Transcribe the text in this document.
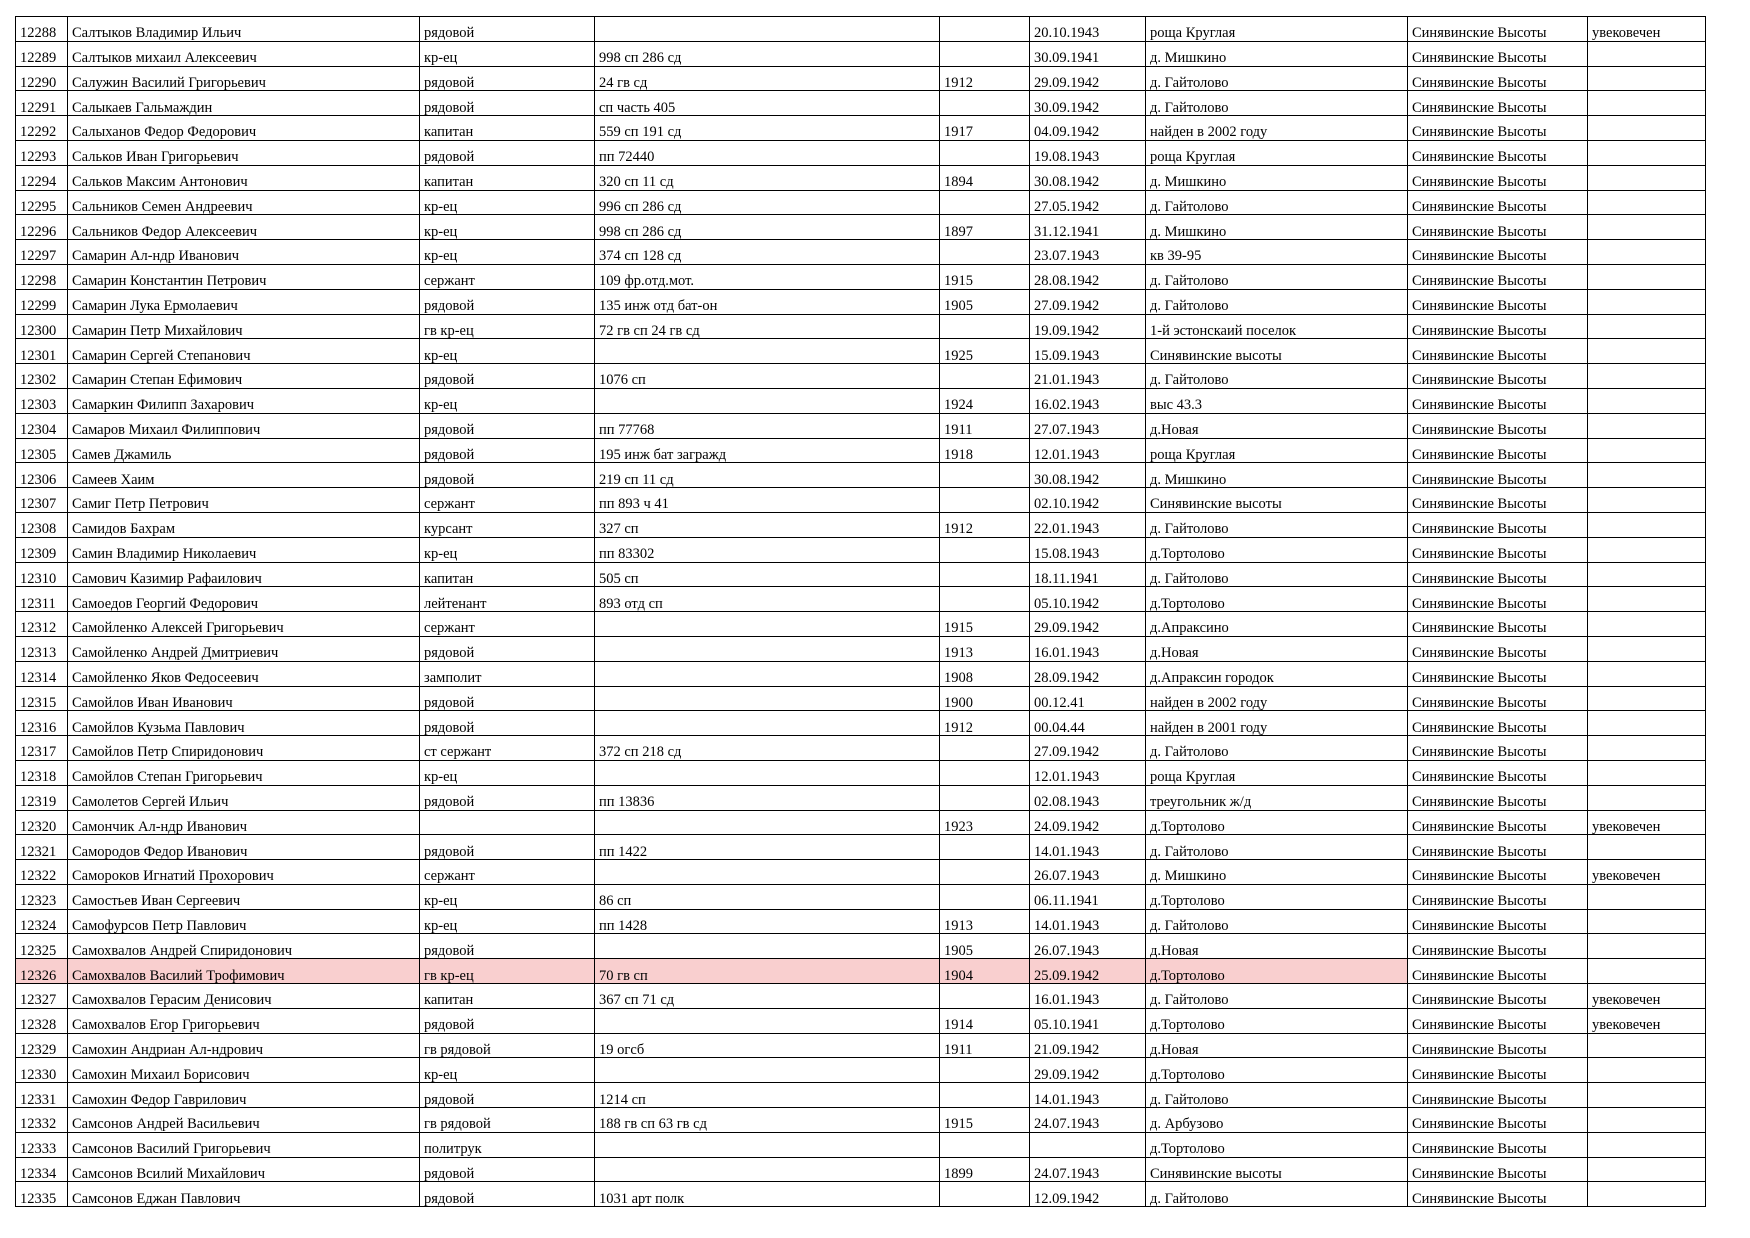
12288	Салтыков Владимир Ильич	рядовой			20.10.1943	роща Круглая	Синявинские Высоты	увековечен
12289	Салтыков михаил Алексеевич	кр-ец	998 сп 286 сд		30.09.1941	д. Мишкино	Синявинские Высоты	
12290	Салужин Василий Григорьевич	рядовой	24 гв сд	1912	29.09.1942	д. Гайтолово	Синявинские Высоты	
12291	Салыкаев Гальмаждин	рядовой	сп часть 405		30.09.1942	д. Гайтолово	Синявинские Высоты	
12292	Салыханов Федор Федорович	капитан	559 сп 191 сд	1917	04.09.1942	найден в 2002 году	Синявинские Высоты	
12293	Сальков Иван Григорьевич	рядовой	пп 72440		19.08.1943	роща Круглая	Синявинские Высоты	
12294	Сальков Максим Антонович	капитан	320 сп 11 сд	1894	30.08.1942	д. Мишкино	Синявинские Высоты	
12295	Сальников Семен Андреевич	кр-ец	996 сп 286 сд		27.05.1942	д. Гайтолово	Синявинские Высоты	
12296	Сальников Федор Алексеевич	кр-ец	998 сп 286 сд	1897	31.12.1941	д. Мишкино	Синявинские Высоты	
12297	Самарин Ал-ндр Иванович	кр-ец	374 сп 128 сд		23.07.1943	кв 39-95	Синявинские Высоты	
12298	Самарин Константин Петрович	сержант	109 фр.отд.мот.	1915	28.08.1942	д. Гайтолово	Синявинские Высоты	
12299	Самарин Лука Ермолаевич	рядовой	135 инж отд бат-он	1905	27.09.1942	д. Гайтолово	Синявинские Высоты	
12300	Самарин Петр Михайлович	гв кр-ец	72 гв сп 24 гв сд		19.09.1942	1-й эстонскаий поселок	Синявинские Высоты	
12301	Самарин Сергей Степанович	кр-ец		1925	15.09.1943	Синявинские высоты	Синявинские Высоты	
12302	Самарин Степан Ефимович	рядовой	1076 сп		21.01.1943	д. Гайтолово	Синявинские Высоты	
12303	Самаркин Филипп Захарович	кр-ец		1924	16.02.1943	выс 43.3	Синявинские Высоты	
12304	Самаров Михаил Филиппович	рядовой	пп 77768	1911	27.07.1943	д.Новая	Синявинские Высоты	
12305	Самев Джамиль	рядовой	195 инж бат загражд	1918	12.01.1943	роща Круглая	Синявинские Высоты	
12306	Самеев Хаим	рядовой	219 сп 11 сд		30.08.1942	д. Мишкино	Синявинские Высоты	
12307	Самиг Петр Петрович	сержант	пп 893 ч 41		02.10.1942	Синявинские высоты	Синявинские Высоты	
12308	Самидов Бахрам	курсант	327 сп	1912	22.01.1943	д. Гайтолово	Синявинские Высоты	
12309	Самин Владимир Николаевич	кр-ец	пп 83302		15.08.1943	д.Тортолово	Синявинские Высоты	
12310	Самович Казимир Рафаилович	капитан	505 сп		18.11.1941	д. Гайтолово	Синявинские Высоты	
12311	Самоедов Георгий Федорович	лейтенант	893 отд сп		05.10.1942	д.Тортолово	Синявинские Высоты	
12312	Самойленко Алексей Григорьевич	сержант		1915	29.09.1942	д.Апраксино	Синявинские Высоты	
12313	Самойленко Андрей Дмитриевич	рядовой		1913	16.01.1943	д.Новая	Синявинские Высоты	
12314	Самойленко Яков Федосеевич	замполит		1908	28.09.1942	д.Апраксин городок	Синявинские Высоты	
12315	Самойлов Иван Иванович	рядовой		1900	00.12.41	найден в 2002 году	Синявинские Высоты	
12316	Самойлов Кузьма Павлович	рядовой		1912	00.04.44	найден в 2001 году	Синявинские Высоты	
12317	Самойлов Петр Спиридонович	ст сержант	372 сп 218 сд		27.09.1942	д. Гайтолово	Синявинские Высоты	
12318	Самойлов Степан Григорьевич	кр-ец			12.01.1943	роща Круглая	Синявинские Высоты	
12319	Самолетов Сергей Ильич	рядовой	пп 13836		02.08.1943	треугольник ж/д	Синявинские Высоты	
12320	Самончик Ал-ндр Иванович			1923	24.09.1942	д.Тортолово	Синявинские Высоты	увековечен
12321	Самородов Федор Иванович	рядовой	пп 1422		14.01.1943	д. Гайтолово	Синявинские Высоты	
12322	Самороков Игнатий Прохорович	сержант			26.07.1943	д. Мишкино	Синявинские Высоты	увековечен
12323	Самостьев Иван Сергеевич	кр-ец	86 сп		06.11.1941	д.Тортолово	Синявинские Высоты	
12324	Самофурсов Петр Павлович	кр-ец	пп 1428	1913	14.01.1943	д. Гайтолово	Синявинские Высоты	
12325	Самохвалов Андрей Спиридонович	рядовой		1905	26.07.1943	д.Новая	Синявинские Высоты	
12326	Самохвалов Василий Трофимович	гв кр-ец	70 гв сп	1904	25.09.1942	д.Тортолово	Синявинские Высоты	
12327	Самохвалов Герасим Денисович	капитан	367 сп 71 сд		16.01.1943	д. Гайтолово	Синявинские Высоты	увековечен
12328	Самохвалов Егор Григорьевич	рядовой		1914	05.10.1941	д.Тортолово	Синявинские Высоты	увековечен
12329	Самохин Андриан Ал-ндрович	гв рядовой	19 огсб	1911	21.09.1942	д.Новая	Синявинские Высоты	
12330	Самохин Михаил Борисович	кр-ец			29.09.1942	д.Тортолово	Синявинские Высоты	
12331	Самохин Федор Гаврилович	рядовой	1214 сп		14.01.1943	д. Гайтолово	Синявинские Высоты	
12332	Самсонов Андрей Васильевич	гв рядовой	188 гв сп 63 гв сд	1915	24.07.1943	д. Арбузово	Синявинские Высоты	
12333	Самсонов Василий Григорьевич	политрук				д.Тортолово	Синявинские Высоты	
12334	Самсонов Всилий Михайлович	рядовой		1899	24.07.1943	Синявинские высоты	Синявинские Высоты	
12335	Самсонов Еджан Павлович	рядовой	1031 арт полк		12.09.1942	д. Гайтолово	Синявинские Высоты	
